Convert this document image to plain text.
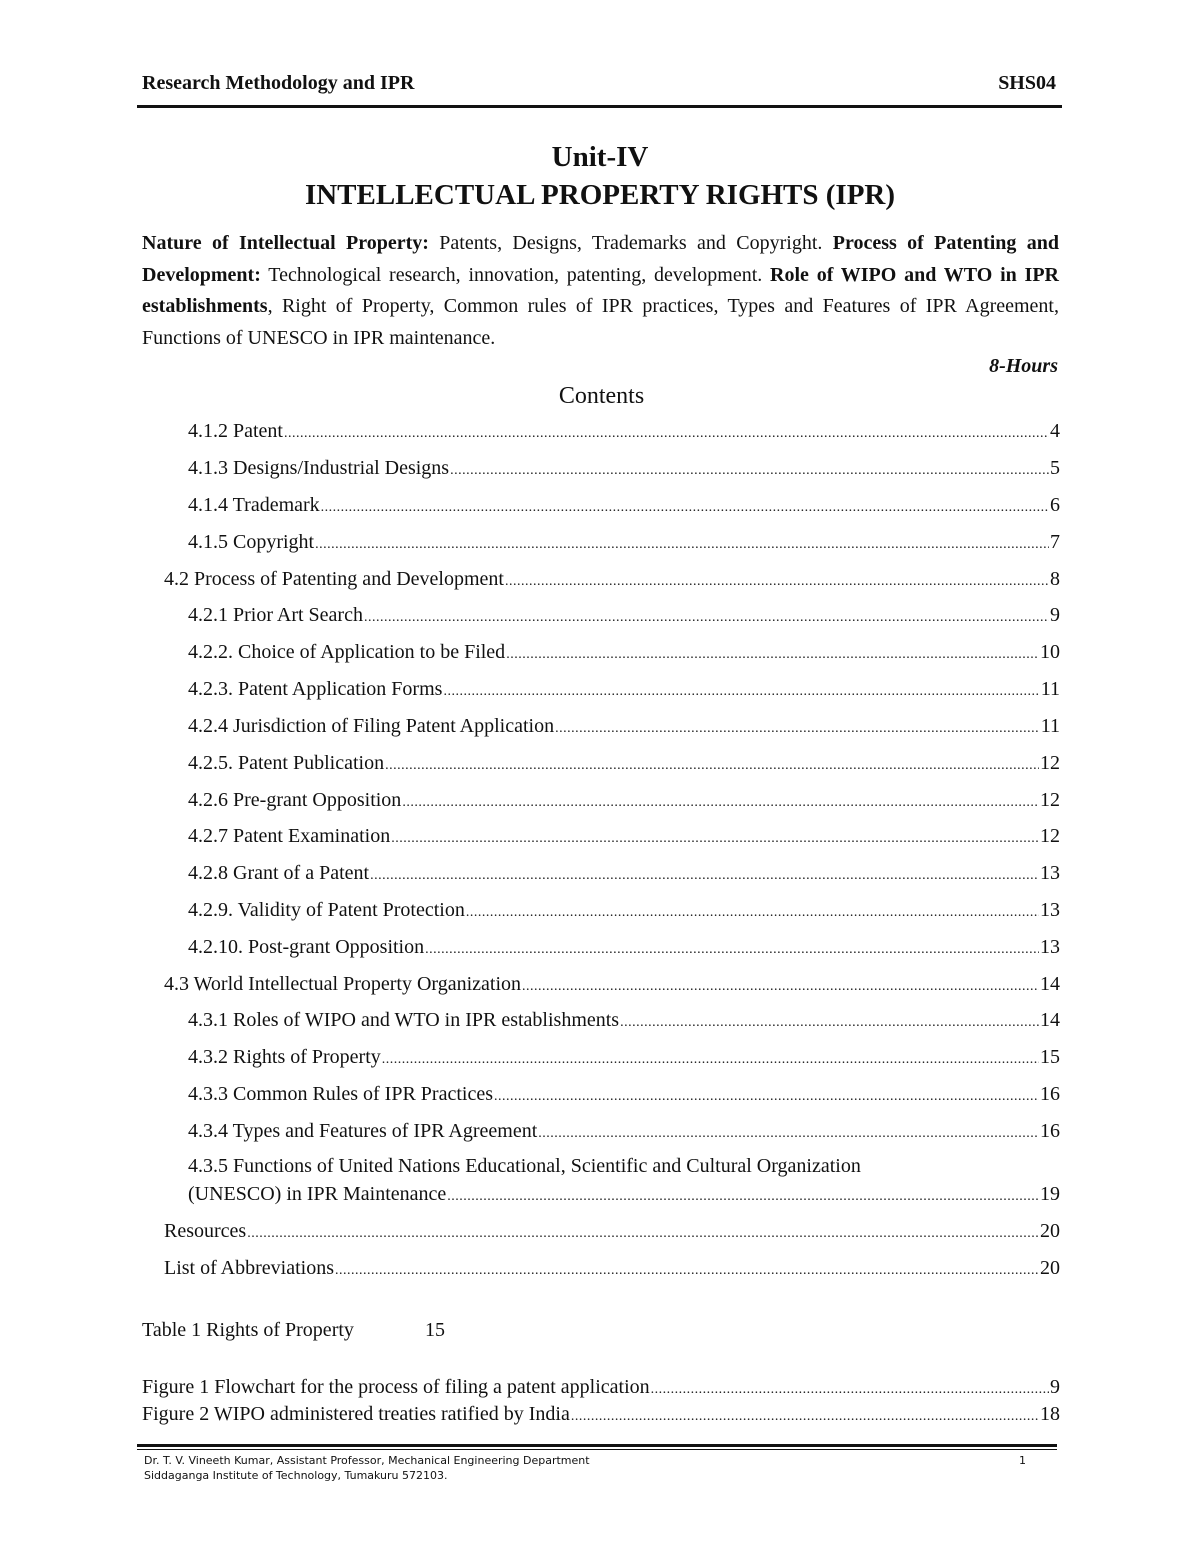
Research Methodology and IPR	SHS04
Unit-IV
INTELLECTUAL PROPERTY RIGHTS (IPR)
Nature of Intellectual Property: Patents, Designs, Trademarks and Copyright. Process of Patenting and Development: Technological research, innovation, patenting, development. Role of WIPO and WTO in IPR establishments, Right of Property, Common rules of IPR practices, Types and Features of IPR Agreement, Functions of UNESCO in IPR maintenance.
8-Hours
Contents
4.1.2 Patent .....	4
4.1.3 Designs/Industrial Designs .....	5
4.1.4 Trademark .....	6
4.1.5 Copyright .....	7
4.2 Process of Patenting and Development .....	8
4.2.1 Prior Art Search .....	9
4.2.2. Choice of Application to be Filed .....	10
4.2.3. Patent Application Forms .....	11
4.2.4 Jurisdiction of Filing Patent Application .....	11
4.2.5. Patent Publication .....	12
4.2.6 Pre-grant Opposition .....	12
4.2.7 Patent Examination .....	12
4.2.8 Grant of a Patent .....	13
4.2.9. Validity of Patent Protection .....	13
4.2.10. Post-grant Opposition .....	13
4.3 World Intellectual Property Organization .....	14
4.3.1 Roles of WIPO and WTO in IPR establishments .....	14
4.3.2 Rights of Property .....	15
4.3.3 Common Rules of IPR Practices .....	16
4.3.4 Types and Features of IPR Agreement .....	16
4.3.5 Functions of United Nations Educational, Scientific and Cultural Organization
(UNESCO) in IPR Maintenance .....	19
Resources .....	20
List of Abbreviations .....	20
Table 1 Rights of Property	15
Figure 1 Flowchart for the process of filing a patent application .....	9
Figure 2 WIPO administered treaties ratified by India .....	18
Dr. T. V. Vineeth Kumar, Assistant Professor, Mechanical Engineering Department
Siddaganga Institute of Technology, Tumakuru 572103.
1
